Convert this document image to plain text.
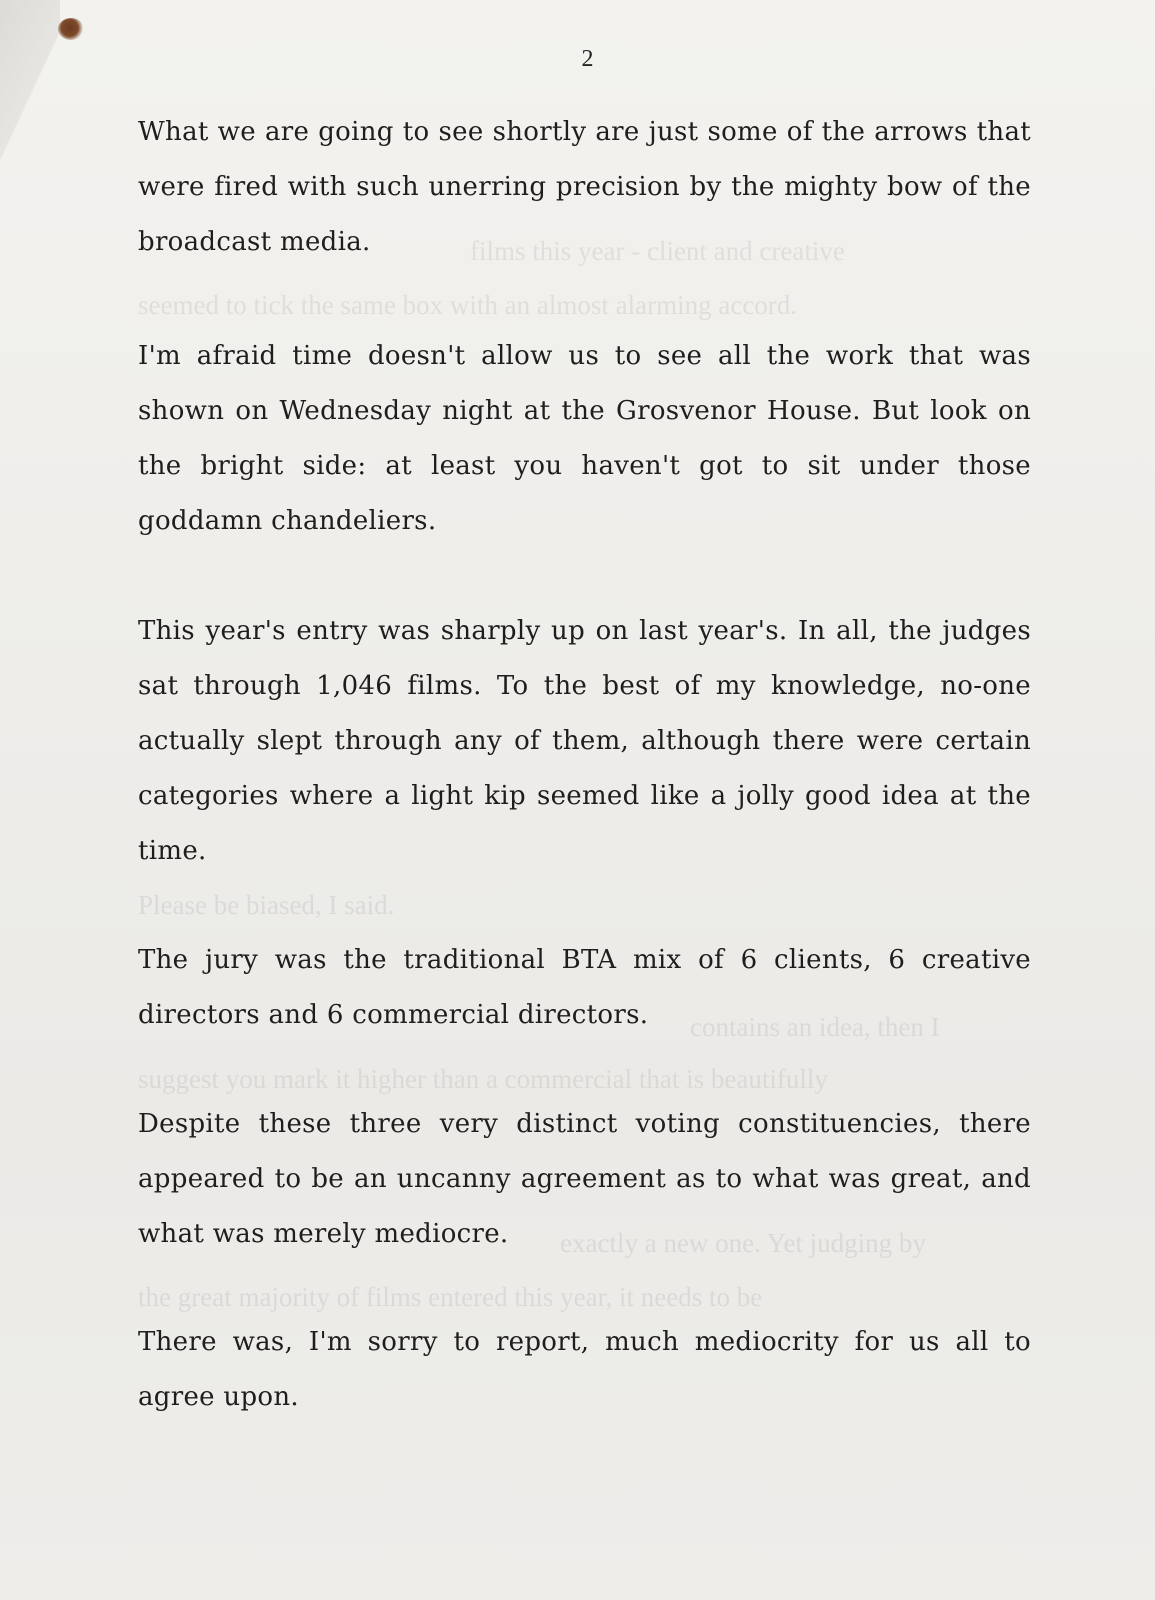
films this year - client and creative
seemed to tick the same box with an almost alarming accord.
Please be biased, I said.
contains an idea, then I
suggest you mark it higher than a commercial that is beautifully
exactly a new one. Yet judging by
the great majority of films entered this year, it needs to be
2

What we are going to see shortly are just some of the arrows that were fired with such unerring precision by the mighty bow of the broadcast media.

I'm afraid time doesn't allow us to see all the work that was shown on Wednesday night at the Grosvenor House. But look on the bright side: at least you haven't got to sit under those goddamn chandeliers.

This year's entry was sharply up on last year's. In all, the judges sat through 1,046 films. To the best of my knowledge, no-one actually slept through any of them, although there were certain categories where a light kip seemed like a jolly good idea at the time.

The jury was the traditional BTA mix of 6 clients, 6 creative directors and 6 commercial directors.

Despite these three very distinct voting constituencies, there appeared to be an uncanny agreement as to what was great, and what was merely mediocre.

There was, I'm sorry to report, much mediocrity for us all to agree upon.
